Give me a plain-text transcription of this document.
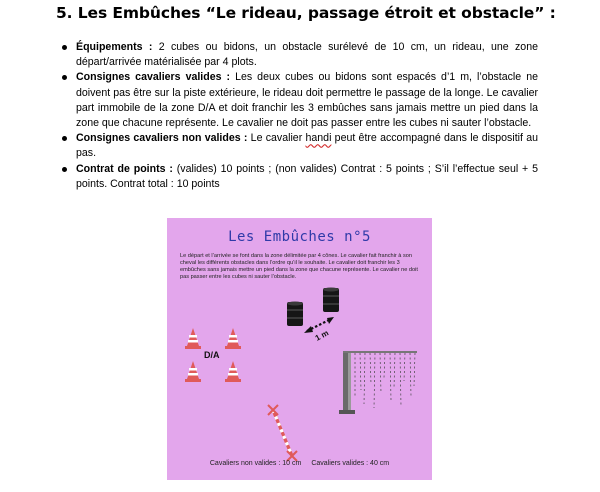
5. Les Embûches “Le rideau, passage étroit et obstacle” :
Équipements : 2 cubes ou bidons, un obstacle surélevé de 10 cm, un rideau, une zone départ/arrivée matérialisée par 4 plots.
Consignes cavaliers valides : Les deux cubes ou bidons sont espacés d’1 m, l’obstacle ne doivent pas être sur la piste extérieure, le rideau doit permettre le passage de la longe. Le cavalier part immobile de la zone D/A et doit franchir les 3 embûches sans jamais mettre un pied dans la zone que chacune représente. Le cavalier ne doit pas passer entre les cubes ni sauter l’obstacle.
Consignes cavaliers non valides : Le cavalier handi peut être accompagné dans le dispositif au pas.
Contrat de points : (valides) 10 points ; (non valides) Contrat : 5 points ; S’il l’effectue seul + 5 points. Contrat total : 10 points
Les Embûches n°5
Le départ et l’arrivée se font dans la zone délimitée par 4 cônes. Le cavalier fait franchir à son cheval les différents obstacles dans l’ordre qu’il le souhaite. Le cavalier doit franchir les 3 embûches sans jamais mettre un pied dans la zone que chacune représente. Le cavalier ne doit pas passer entre les cubes ni sauter l’obstacle.
D/A
1 m
Cavaliers non valides : 10 cm Cavaliers valides : 40 cm
